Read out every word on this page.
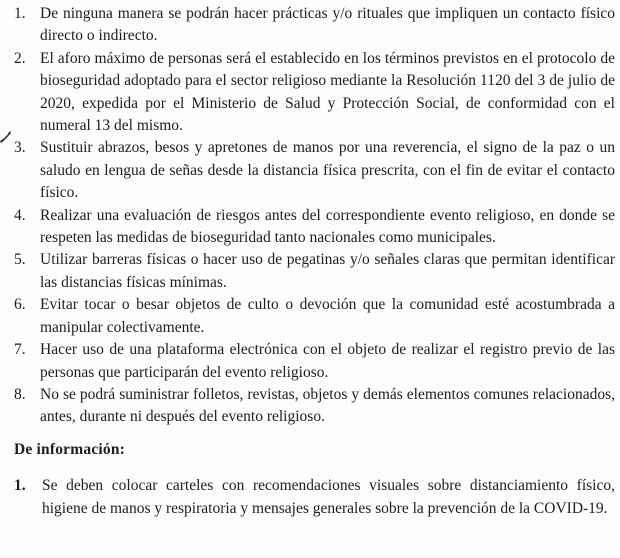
1. De ninguna manera se podrán hacer prácticas y/o rituales que impliquen un contacto físico directo o indirecto.
2. El aforo máximo de personas será el establecido en los términos previstos en el protocolo de bioseguridad adoptado para el sector religioso mediante la Resolución 1120 del 3 de julio de 2020, expedida por el Ministerio de Salud y Protección Social, de conformidad con el numeral 13 del mismo.
3. Sustituir abrazos, besos y apretones de manos por una reverencia, el signo de la paz o un saludo en lengua de señas desde la distancia física prescrita, con el fin de evitar el contacto físico.
4. Realizar una evaluación de riesgos antes del correspondiente evento religioso, en donde se respeten las medidas de bioseguridad tanto nacionales como municipales.
5. Utilizar barreras físicas o hacer uso de pegatinas y/o señales claras que permitan identificar las distancias físicas mínimas.
6. Evitar tocar o besar objetos de culto o devoción que la comunidad esté acostumbrada a manipular colectivamente.
7. Hacer uso de una plataforma electrónica con el objeto de realizar el registro previo de las personas que participarán del evento religioso.
8. No se podrá suministrar folletos, revistas, objetos y demás elementos comunes relacionados, antes, durante ni después del evento religioso.
De información:
1.	Se deben colocar carteles con recomendaciones visuales sobre distanciamiento físico, higiene de manos y respiratoria y mensajes generales sobre la prevención de la COVID-19.
